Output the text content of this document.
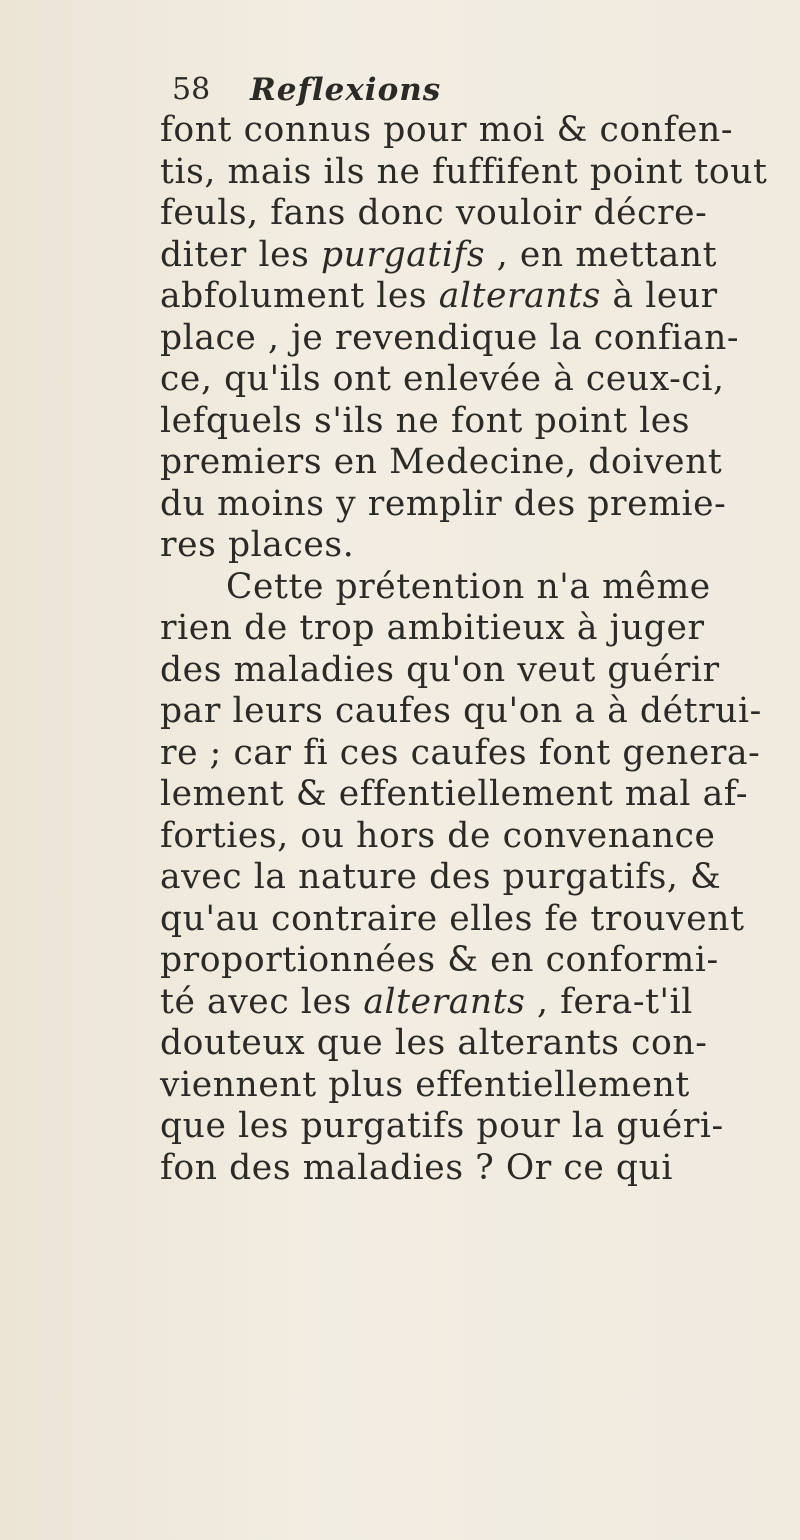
58 Reflexions
font connus pour moi & confen-
tis, mais ils ne fuffifent point tout
feuls, fans donc vouloir décre-
diter les purgatifs , en mettant
abfolument les alterants à leur
place , je revendique la confian-
ce, qu'ils ont enlevée à ceux-ci,
lefquels s'ils ne font point les
premiers en Medecine, doivent
du moins y remplir des premie-
res places.
Cette prétention n'a même
rien de trop ambitieux à juger
des maladies qu'on veut guérir
par leurs caufes qu'on a à détrui-
re ; car fi ces caufes font genera-
lement & effentiellement mal af-
forties, ou hors de convenance
avec la nature des purgatifs, &
qu'au contraire elles fe trouvent
proportionnées & en conformi-
té avec les alterants , fera-t'il
douteux que les alterants con-
viennent plus effentiellement
que les purgatifs pour la guéri-
fon des maladies ? Or ce qui
